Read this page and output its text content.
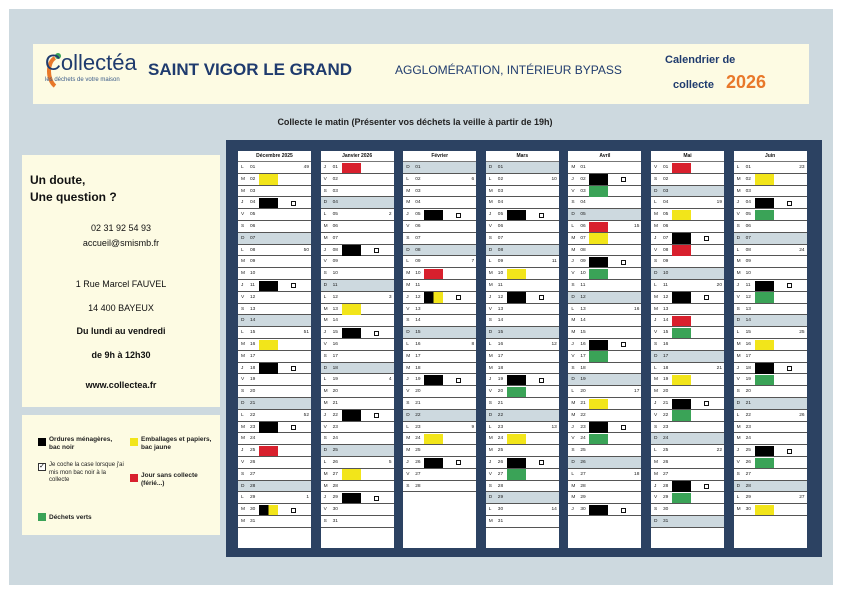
Collectéa
les déchets de votre maison
SAINT VIGOR LE GRAND	AGGLOMÉRATION, INTÉRIEUR BYPASS
Calendrier de
collecte 2026
Collecte le matin (Présenter vos déchets la veille à partir de 19h)
Un doute,
Une question ?
02 31 92 54 93
accueil@smismb.fr
1 Rue Marcel FAUVEL
14 400 BAYEUX
Du lundi au vendredi
de 9h à 12h30
www.collectea.fr
Ordures ménagères, bac noir
Emballages et papiers, bac jaune
✓ Je coche la case lorsque j'ai mis mon bac noir à la collecte
Jour sans collecte (férié...)
Déchets verts
Décembre 2025
L 01	49
M 02
M 03
J 04
V 05
S 06
D 07
L 08	50
M 09
M 10
J 11
V 12
S 13
D 14
L 15	51
M 16
M 17
J 18
V 19
S 20
D 21
L 22	52
M 23
M 24
J 25
V 26
S 27
D 28
L 29	1
M 30
M 31
Janvier 2026
J 01
V 02
S 03
D 04
L 05	2
M 06
M 07
J 08
V 09
S 10
D 11
L 12	3
M 13
M 14
J 15
V 16
S 17
D 18
L 19	4
M 20
M 21
J 22
V 23
S 24
D 25
L 26	5
M 27
M 28
J 29
V 30
S 31
Février
D 01
L 02	6
M 03
M 04
J 05
V 06
S 07
D 08
L 09	7
M 10
M 11
J 12
V 13
S 14
D 15
L 16	8
M 17
M 18
J 19
V 20
S 21
D 22
L 23	9
M 24
M 25
J 26
V 27
S 28
Mars
D 01
L 02	10
M 03
M 04
J 05
V 06
S 07
D 08
L 09	11
M 10
M 11
J 12
V 13
S 14
D 15
L 16	12
M 17
M 18
J 19
V 20
S 21
D 22
L 23	13
M 24
M 25
J 26
V 27
S 28
D 29
L 30	14
M 31
Avril
M 01
J 02
V 03
S 04
D 05
L 06	15
M 07
M 08
J 09
V 10
S 11
D 12
L 13	16
M 14
M 15
J 16
V 17
S 18
D 19
L 20	17
M 21
M 22
J 23
V 24
S 25
D 26
L 27	18
M 28
M 29
J 30
Mai
V 01
S 02
D 03
L 04	19
M 05
M 06
J 07
V 08
S 09
D 10
L 11	20
M 12
M 13
J 14
V 15
S 16
D 17
L 18	21
M 19
M 20
J 21
V 22
S 23
D 24
L 25	22
M 26
M 27
J 28
V 29
S 30
D 31
Juin
L 01	23
M 02
M 03
J 04
V 05
S 06
D 07
L 08	24
M 09
M 10
J 11
V 12
S 13
D 14
L 15	25
M 16
M 17
J 18
V 19
S 20
D 21
L 22	26
M 23
M 24
J 25
V 26
S 27
D 28
L 29	27
M 30
